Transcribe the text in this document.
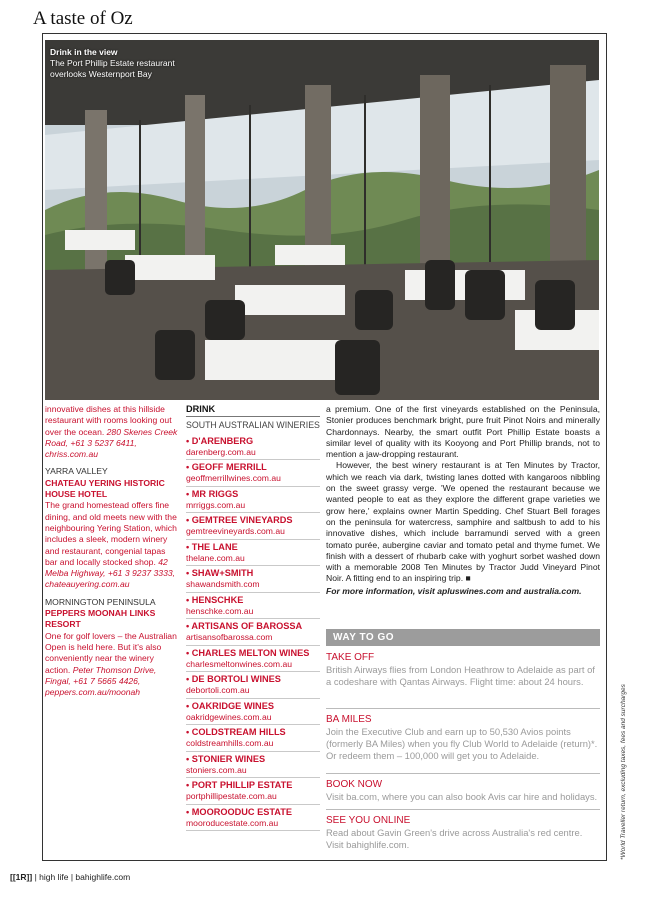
A taste of Oz
Drink in the view
The Port Phillip Estate restaurant overlooks Westernport Bay
innovative dishes at this hillside restaurant with rooms looking out over the ocean. 280 Skenes Creek Road, +61 3 5237 6411, chriss.com.au
YARRA VALLEY
CHATEAU YERING HISTORIC HOUSE HOTEL
The grand homestead offers fine dining, and old meets new with the neighbouring Yering Station, which includes a sleek, modern winery and restaurant, congenial tapas bar and locally stocked shop. 42 Melba Highway, +61 3 9237 3333, chateauyering.com.au
MORNINGTON PENINSULA
PEPPERS MOONAH LINKS RESORT
One for golf lovers – the Australian Open is held here. But it's also conveniently near the winery action. Peter Thomson Drive, Fingal, +61 7 5665 4426, peppers.com.au/moonah
DRINK
SOUTH AUSTRALIAN WINERIES
• D'ARENBERG
darenberg.com.au
• GEOFF MERRILL
geoffmerrillwines.com.au
• MR RIGGS
mrriggs.com.au
• GEMTREE VINEYARDS
gemtreevineyards.com.au
• THE LANE
thelane.com.au
• SHAW+SMITH
shawandsmith.com
• HENSCHKE
henschke.com.au
• ARTISANS OF BAROSSA
artisansofbarossa.com
• CHARLES MELTON WINES
charlesmeltonwines.com.au
• DE BORTOLI WINES
debortoli.com.au
• OAKRIDGE WINES
oakridgewines.com.au
• COLDSTREAM HILLS
coldstreamhills.com.au
• STONIER WINES
stoniers.com.au
• PORT PHILLIP ESTATE
portphillipestate.com.au
• MOOROODUC ESTATE
mooroducestate.com.au

a premium. One of the first vineyards established on the Peninsula, Stonier produces benchmark bright, pure fruit Pinot Noirs and minerally Chardonnays. Nearby, the smart outfit Port Phillip Estate boasts a similar level of quality with its Kooyong and Port Phillip brands, not to mention a jaw-dropping restaurant.

However, the best winery restaurant is at Ten Minutes by Tractor, which we reach via dark, twisting lanes dotted with kangaroos nibbling on the sweet grassy verge. 'We opened the restaurant because we wanted people to eat as they explore the different grape varieties we grow here,' explains owner Martin Spedding. Chef Stuart Bell forages on the peninsula for watercress, samphire and saltbush to add to his innovative dishes, which include barramundi served with a green tomato purée, aubergine caviar and tomato petal and thyme fumet. We finish with a dessert of rhubarb cake with yoghurt sorbet washed down with a memorable 2008 Ten Minutes by Tractor Judd Vineyard Pinot Noir. A fitting end to an inspiring trip. ■

For more information, visit apluswines.com and australia.com.
WAY TO GO
TAKE OFF
British Airways flies from London Heathrow to Adelaide as part of a codeshare with Qantas Airways. Flight time: about 24 hours.
BA MILES
Join the Executive Club and earn up to 50,530 Avios points (formerly BA Miles) when you fly Club World to Adelaide (return)*. Or redeem them – 100,000 will get you to Adelaide.
BOOK NOW
Visit ba.com, where you can also book Avis car hire and holidays.
SEE YOU ONLINE
Read about Gavin Green's drive across Australia's red centre. Visit bahighlife.com.	*World Traveller return, excluding taxes, fees and surcharges
[[1R]] | high life | bahighlife.com
